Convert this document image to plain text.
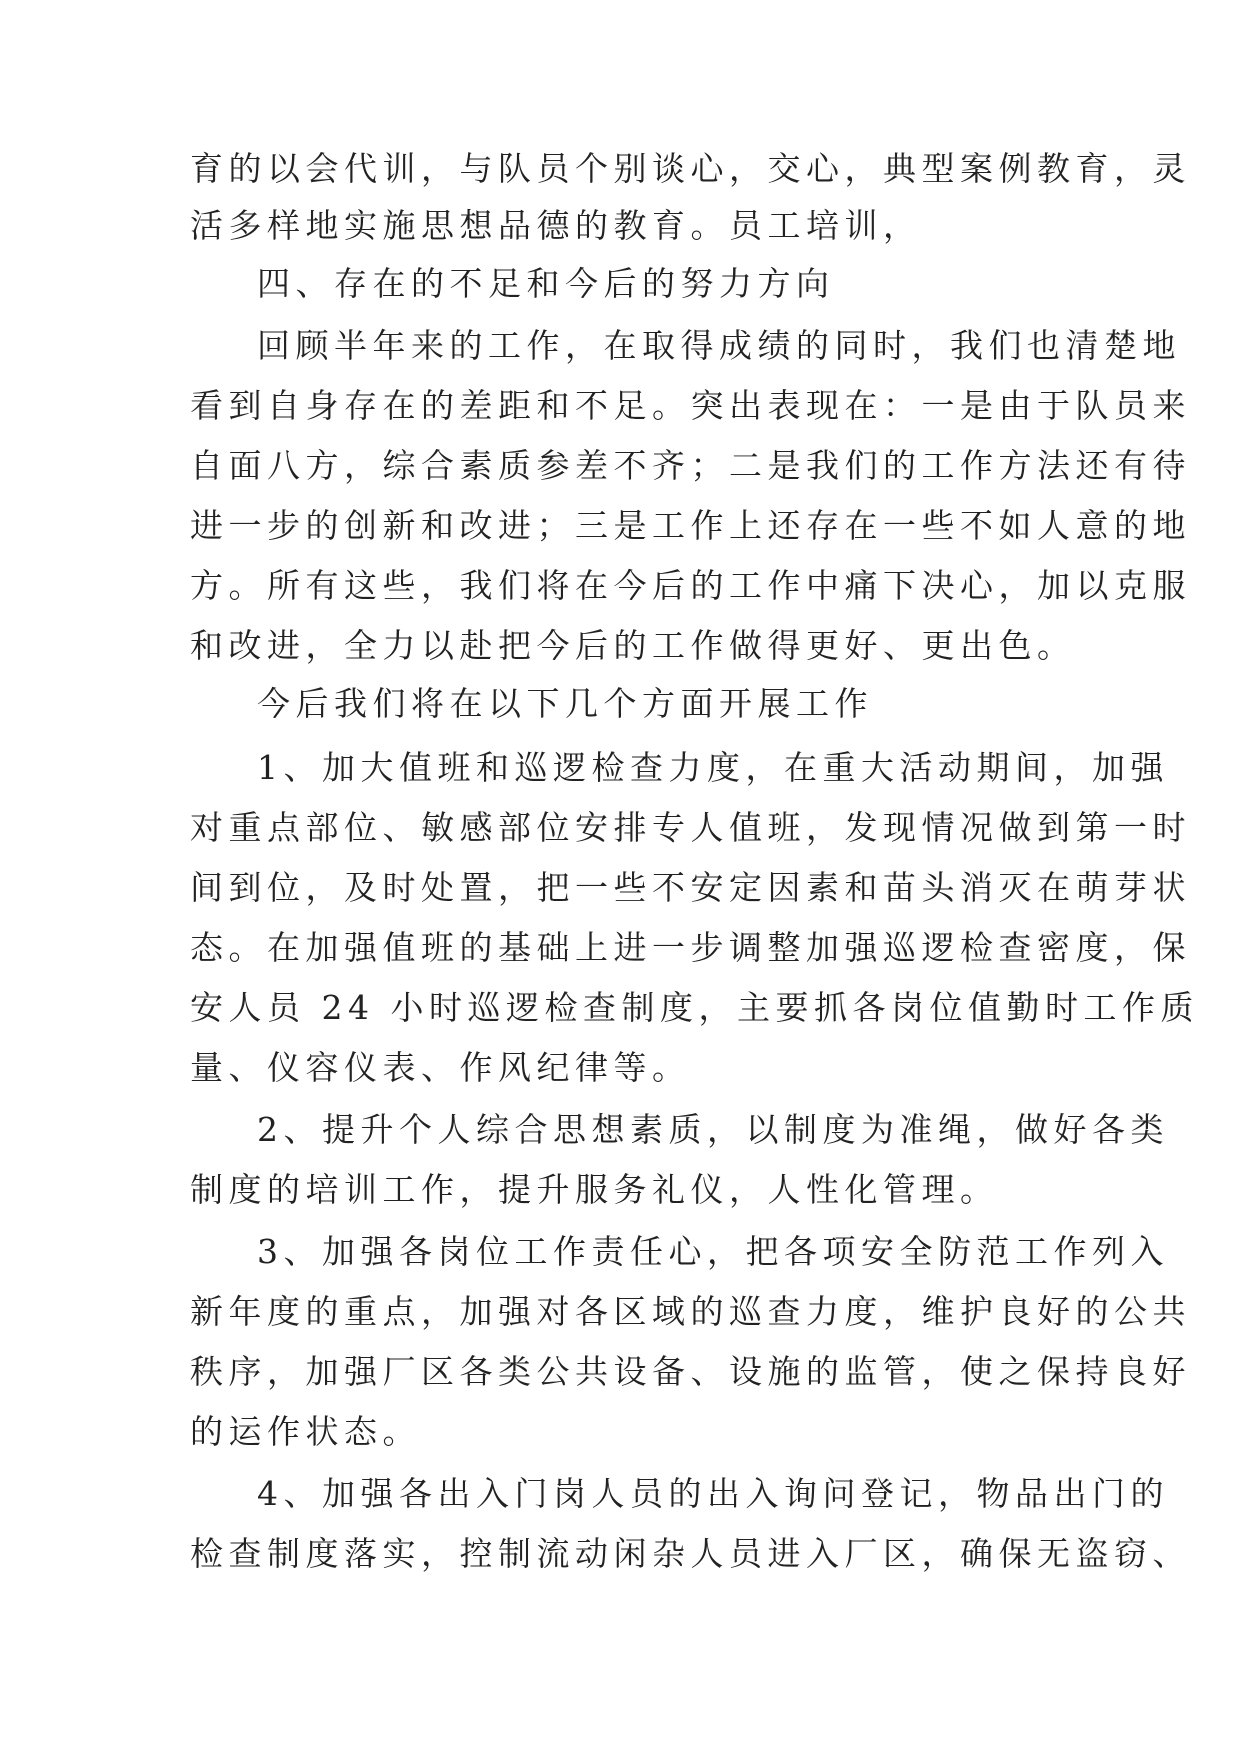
育的以会代训，与队员个别谈心，交心，典型案例教育，灵
活多样地实施思想品德的教育。员工培训，
四、存在的不足和今后的努力方向
回顾半年来的工作，在取得成绩的同时，我们也清楚地
看到自身存在的差距和不足。突出表现在：一是由于队员来
自面八方，综合素质参差不齐；二是我们的工作方法还有待
进一步的创新和改进；三是工作上还存在一些不如人意的地
方。所有这些，我们将在今后的工作中痛下决心，加以克服
和改进，全力以赴把今后的工作做得更好、更出色。
今后我们将在以下几个方面开展工作
1、加大值班和巡逻检查力度，在重大活动期间，加强
对重点部位、敏感部位安排专人值班，发现情况做到第一时
间到位，及时处置，把一些不安定因素和苗头消灭在萌芽状
态。在加强值班的基础上进一步调整加强巡逻检查密度，保
安人员 24 小时巡逻检查制度，主要抓各岗位值勤时工作质
量、仪容仪表、作风纪律等。
2、提升个人综合思想素质，以制度为准绳，做好各类
制度的培训工作，提升服务礼仪，人性化管理。
3、加强各岗位工作责任心，把各项安全防范工作列入
新年度的重点，加强对各区域的巡查力度，维护良好的公共
秩序，加强厂区各类公共设备、设施的监管，使之保持良好
的运作状态。
4、加强各出入门岗人员的出入询问登记，物品出门的
检查制度落实，控制流动闲杂人员进入厂区，确保无盗窃、
